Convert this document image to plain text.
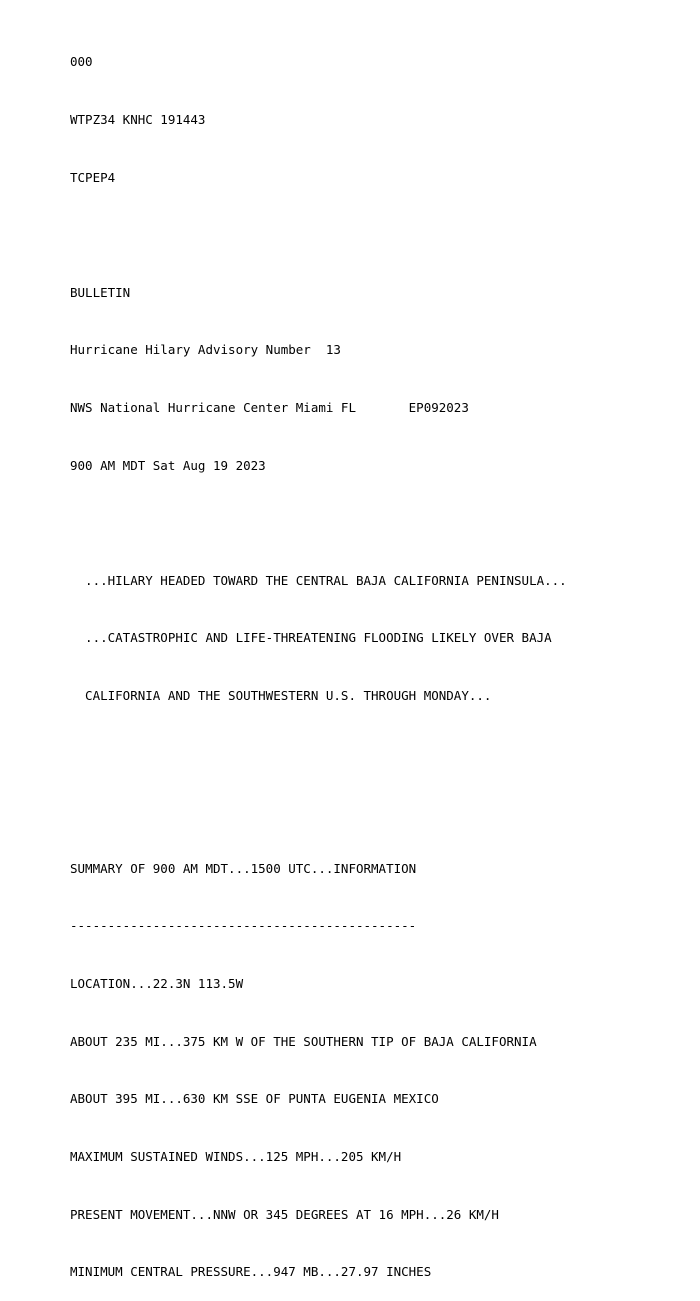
000

WTPZ34 KNHC 191443

TCPEP4

BULLETIN

Hurricane Hilary Advisory Number  13

NWS National Hurricane Center Miami FL       EP092023

900 AM MDT Sat Aug 19 2023

...HILARY HEADED TOWARD THE CENTRAL BAJA CALIFORNIA PENINSULA...

...CATASTROPHIC AND LIFE-THREATENING FLOODING LIKELY OVER BAJA

CALIFORNIA AND THE SOUTHWESTERN U.S. THROUGH MONDAY...

SUMMARY OF 900 AM MDT...1500 UTC...INFORMATION

----------------------------------------------

LOCATION...22.3N 113.5W

ABOUT 235 MI...375 KM W OF THE SOUTHERN TIP OF BAJA CALIFORNIA

ABOUT 395 MI...630 KM SSE OF PUNTA EUGENIA MEXICO

MAXIMUM SUSTAINED WINDS...125 MPH...205 KM/H

PRESENT MOVEMENT...NNW OR 345 DEGREES AT 16 MPH...26 KM/H

MINIMUM CENTRAL PRESSURE...947 MB...27.97 INCHES
